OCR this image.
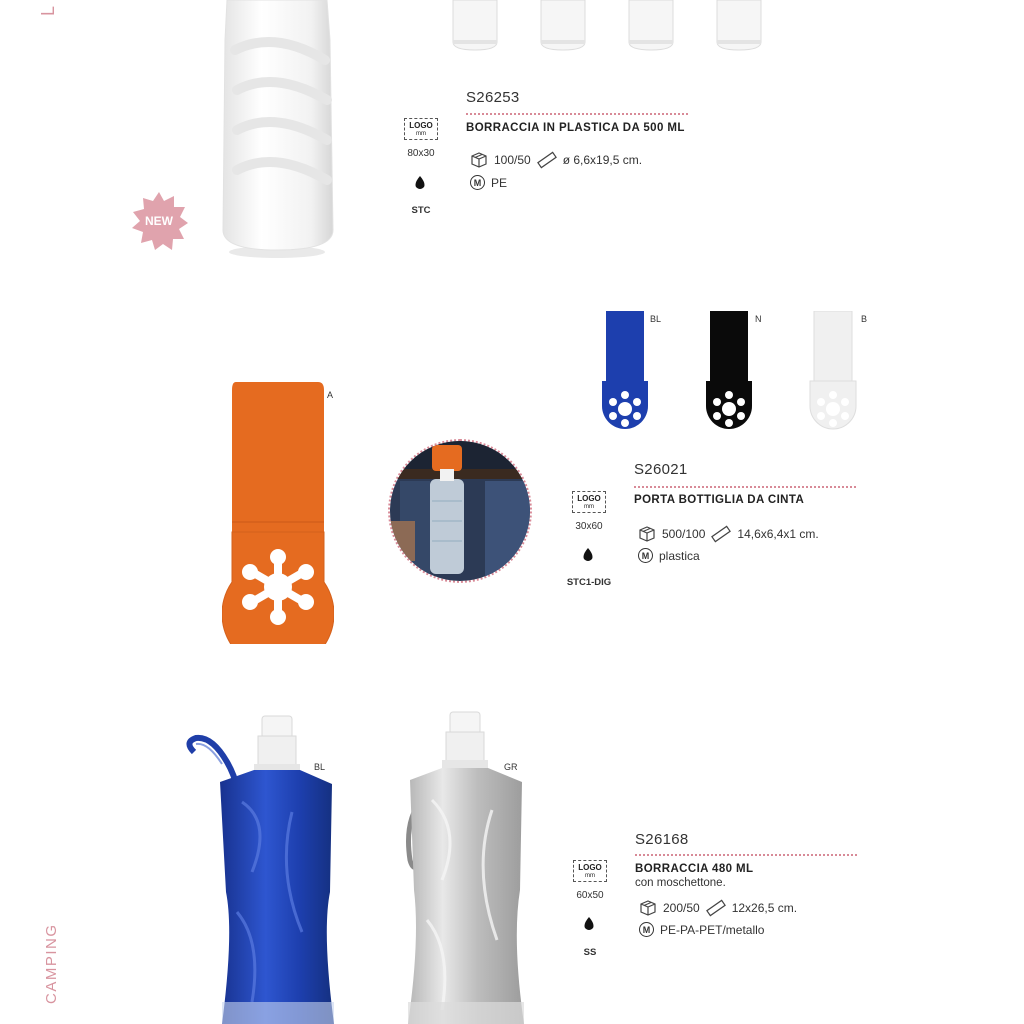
L
CAMPING
NEW
S26253
BORRACCIA IN PLASTICA DA 500 ML
100/50	ø 6,6x19,5 cm.
M PE
LOGO
mm
80x30
STC
A
BL	N	B
S26021
PORTA BOTTIGLIA DA CINTA
500/100	14,6x6,4x1 cm.
M plastica
LOGO
mm
30x60
STC1-DIG
BL	GR
S26168
BORRACCIA 480 ML
con moschettone.
200/50	12x26,5 cm.
M PE-PA-PET/metallo
LOGO
mm
60x50
SS
